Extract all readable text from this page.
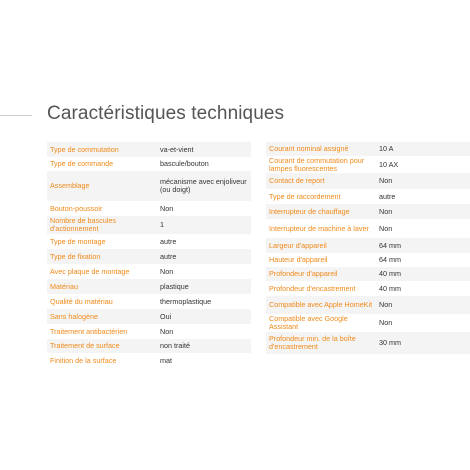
Caractéristiques techniques
Type de commutation	va-et-vient
Type de commande	bascule/bouton
Assemblage	mécanisme avec enjoliveur (ou doigt)
Bouton-poussoir	Non
Nombre de bascules d'actionnement	1
Type de montage	autre
Type de fixation	autre
Avec plaque de montage	Non
Matériau	plastique
Qualité du matériau	thermoplastique
Sans halogène	Oui
Traitement antibactérien	Non
Traitement de surface	non traité
Finition de la surface	mat
Courant nominal assigné	10 A
Courant de commutation pour lampes fluorescentes	10 AX
Contact de report	Non
Type de raccordement	autre
Interrupteur de chauffage	Non
Interrupteur de machine à laver	Non
Largeur d'appareil	64 mm
Hauteur d'appareil	64 mm
Profondeur d'appareil	40 mm
Profondeur d'encastrement	40 mm
Compatible avec Apple HomeKit	Non
Compatible avec Google Assistant	Non
Profondeur min. de la boîte d'encastrement	30 mm
